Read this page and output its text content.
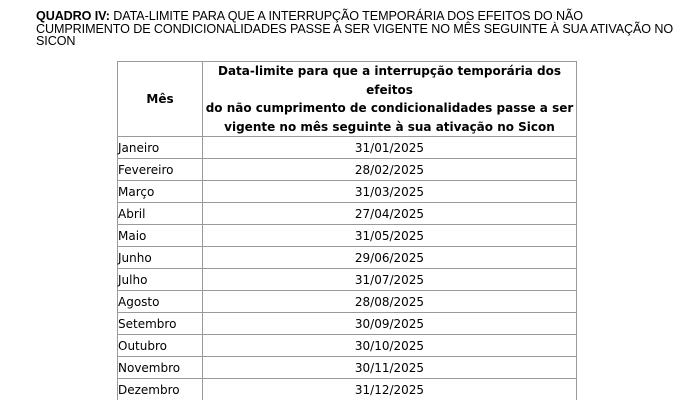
QUADRO IV: DATA-LIMITE PARA QUE A INTERRUPÇÃO TEMPORÁRIA DOS EFEITOS DO NÃO CUMPRIMENTO DE CONDICIONALIDADES PASSE A SER VIGENTE NO MÊS SEGUINTE À SUA ATIVAÇÃO NO SICON
Mês	Data-limite para que a interrupção temporária dos efeitos
do não cumprimento de condicionalidades passe a ser
vigente no mês seguinte à sua ativação no Sicon
Janeiro	31/01/2025
Fevereiro	28/02/2025
Março	31/03/2025
Abril	27/04/2025
Maio	31/05/2025
Junho	29/06/2025
Julho	31/07/2025
Agosto	28/08/2025
Setembro	30/09/2025
Outubro	30/10/2025
Novembro	30/11/2025
Dezembro	31/12/2025
